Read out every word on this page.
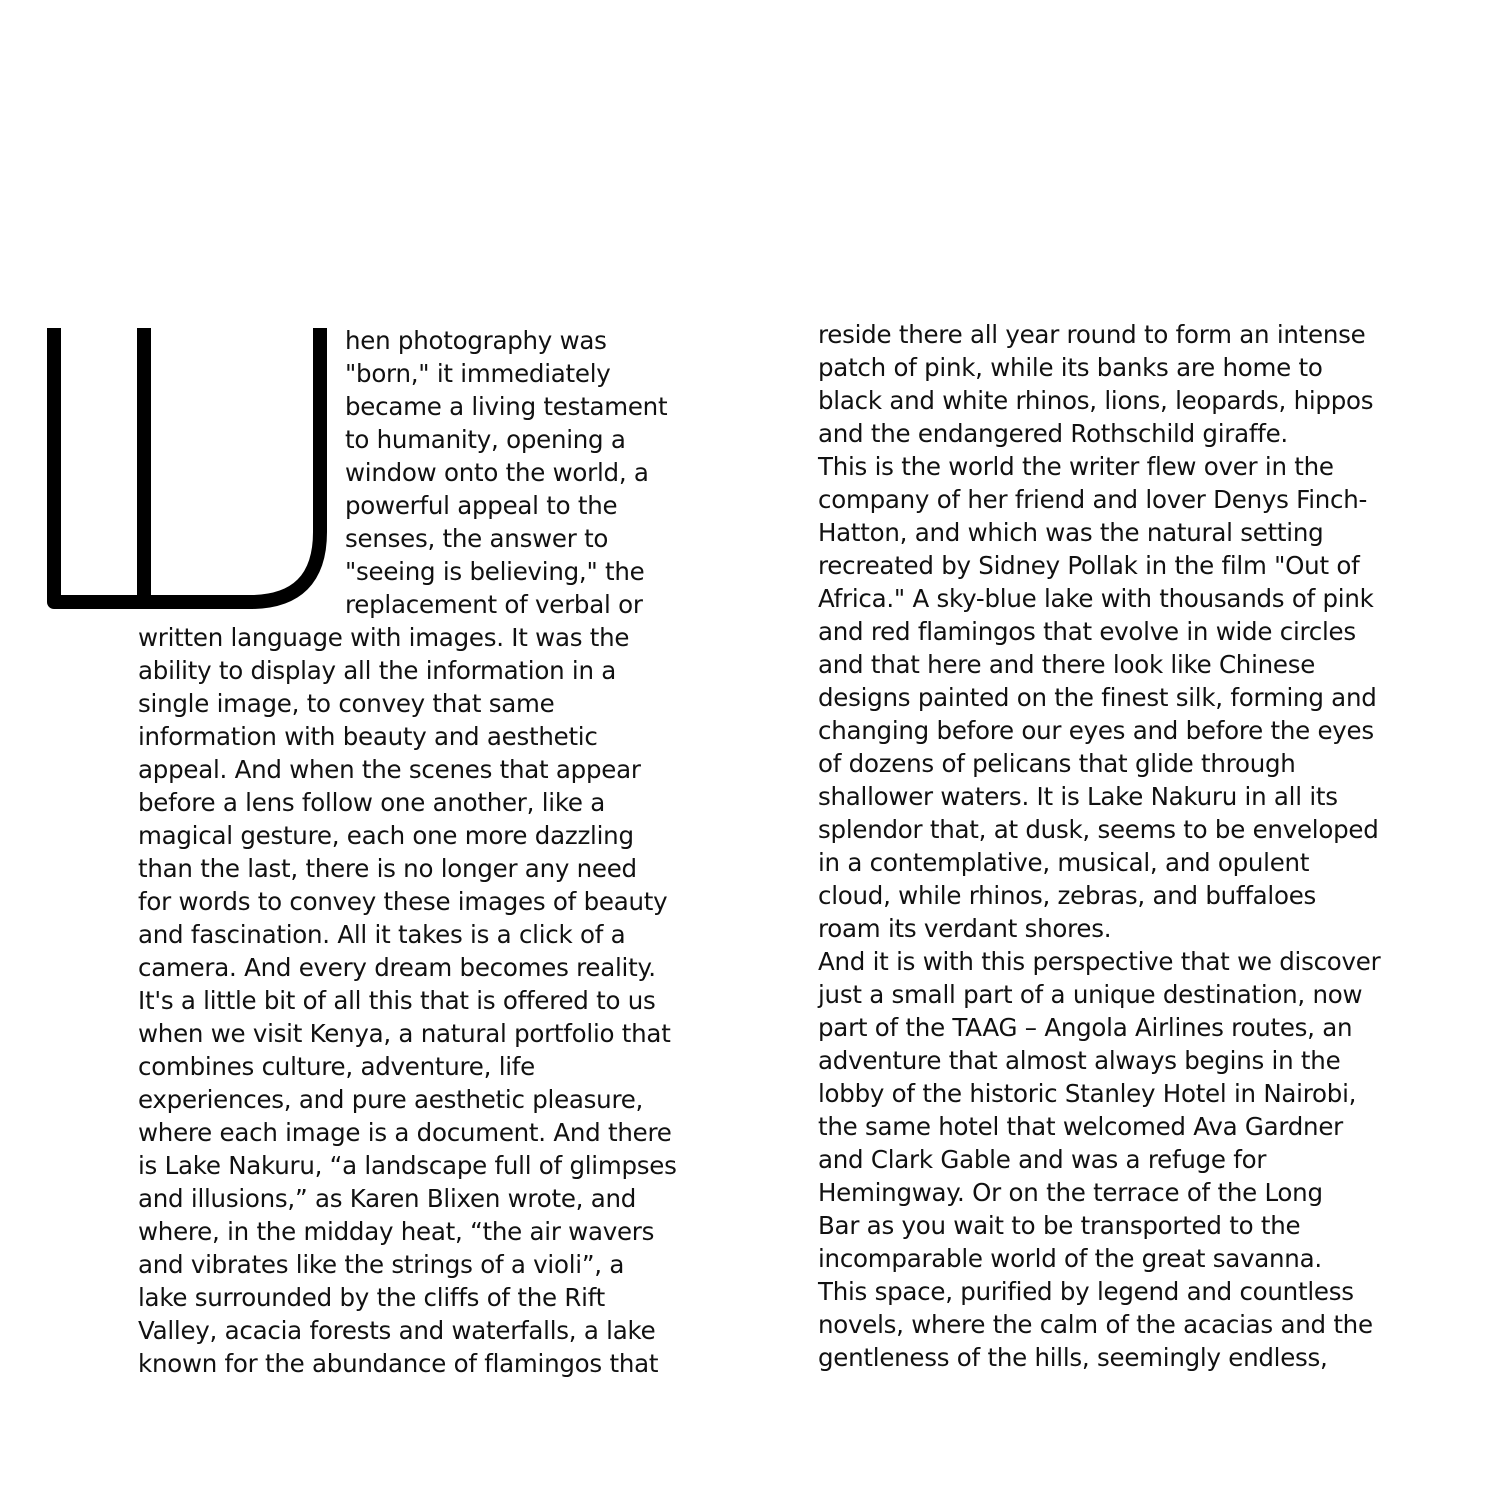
hen photography was
"born," it immediately
became a living testament
to humanity, opening a
window onto the world, a
powerful appeal to the
senses, the answer to
"seeing is believing," the
replacement of verbal or
written language with images. It was the
ability to display all the information in a
single image, to convey that same
information with beauty and aesthetic
appeal. And when the scenes that appear
before a lens follow one another, like a
magical gesture, each one more dazzling
than the last, there is no longer any need
for words to convey these images of beauty
and fascination. All it takes is a click of a
camera. And every dream becomes reality.
It's a little bit of all this that is offered to us
when we visit Kenya, a natural portfolio that
combines culture, adventure, life
experiences, and pure aesthetic pleasure,
where each image is a document. And there
is Lake Nakuru, “a landscape full of glimpses
and illusions,” as Karen Blixen wrote, and
where, in the midday heat, “the air wavers
and vibrates like the strings of a violi”, a
lake surrounded by the cliffs of the Rift
Valley, acacia forests and waterfalls, a lake
known for the abundance of flamingos that
reside there all year round to form an intense
patch of pink, while its banks are home to
black and white rhinos, lions, leopards, hippos
and the endangered Rothschild giraffe.
This is the world the writer flew over in the
company of her friend and lover Denys Finch-
Hatton, and which was the natural setting
recreated by Sidney Pollak in the film "Out of
Africa." A sky-blue lake with thousands of pink
and red flamingos that evolve in wide circles
and that here and there look like Chinese
designs painted on the finest silk, forming and
changing before our eyes and before the eyes
of dozens of pelicans that glide through
shallower waters. It is Lake Nakuru in all its
splendor that, at dusk, seems to be enveloped
in a contemplative, musical, and opulent
cloud, while rhinos, zebras, and buffaloes
roam its verdant shores.
And it is with this perspective that we discover
just a small part of a unique destination, now
part of the TAAG – Angola Airlines routes, an
adventure that almost always begins in the
lobby of the historic Stanley Hotel in Nairobi,
the same hotel that welcomed Ava Gardner
and Clark Gable and was a refuge for
Hemingway. Or on the terrace of the Long
Bar as you wait to be transported to the
incomparable world of the great savanna.
This space, purified by legend and countless
novels, where the calm of the acacias and the
gentleness of the hills, seemingly endless,
